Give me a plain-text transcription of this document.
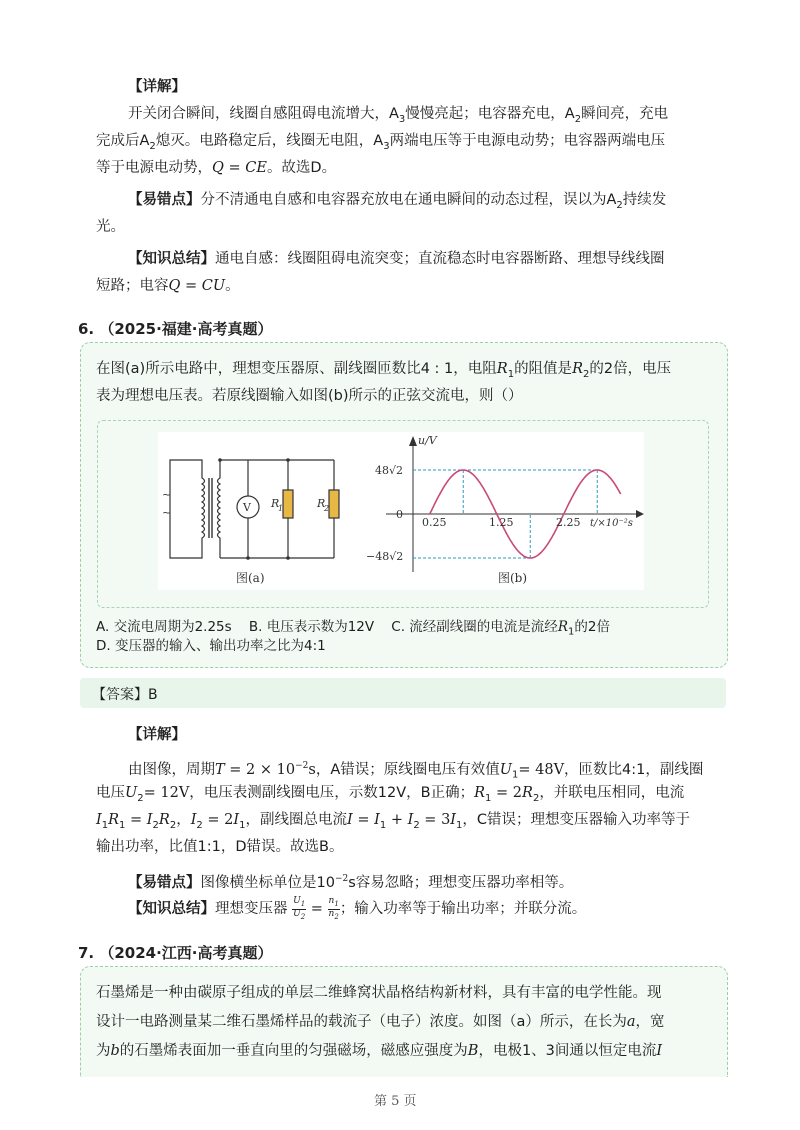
【详解】
开关闭合瞬间，线圈自感阻碍电流增大，$A_3$慢慢亮起；电容器充电，$A_2$瞬间亮，充电
完成后$A_2$熄灭。电路稳定后，线圈无电阻，$A_3$两端电压等于电源电动势；电容器两端电压
等于电源电动势，Q = CE。故选D。
【易错点】分不清通电自感和电容器充放电在通电瞬间的动态过程，误以为$A_2$持续发
光。
【知识总结】通电自感：线圈阻碍电流突变；直流稳态时电容器断路、理想导线线圈
短路；电容Q = CU。
6. （2025·福建·高考真题）
在图(a)所示电路中，理想变压器原、副线圈匝数比4 : 1，电阻$R_1$的阻值是$R_2$的2倍，电压
表为理想电压表。若原线圈输入如图(b)所示的正弦交流电，则（）
~
~	V R
1	R
2
图(a)
u/V
t/×10⁻²s
48√2
0
−48√2
0.25	1.25	2.25
图(b)
A. 交流电周期为2.25s B. 电压表示数为12V C. 流经副线圈的电流是流经$R_1$的2倍
D. 变压器的输入、输出功率之比为4:1
【答案】B
【详解】
由图像，周期$T = 2 \times 10^{-2}s$，A错误；原线圈电压有效值$U_1= 48V$，匝数比4:1，副线圈
电压$U_2= 12V$，电压表测副线圈电压，示数12V，B正确；$R_1 = 2R_2$，并联电压相同，电流
$I_1R_1 = I_2R_2$，$I_2 = 2I_1$，副线圈总电流$I = I_1 + I_2 = 3I_1$，C错误；理想变压器输入功率等于
输出功率，比值1:1，D错误。故选B。
【易错点】图像横坐标单位是$10^{-2}s$容易忽略；理想变压器功率相等。
【知识总结】理想变压器 $\frac{U_1}{U_2} = \frac{n_1}{n_2}$ ；输入功率等于输出功率；并联分流。
7. （2024·江西·高考真题）
石墨烯是一种由碳原子组成的单层二维蜂窝状晶格结构新材料，具有丰富的电学性能。现
设计一电路测量某二维石墨烯样品的载流子（电子）浓度。如图（a）所示，在长为a，宽
为b的石墨烯表面加一垂直向里的匀强磁场，磁感应强度为B，电极1、3间通以恒定电流I
第 5 页
